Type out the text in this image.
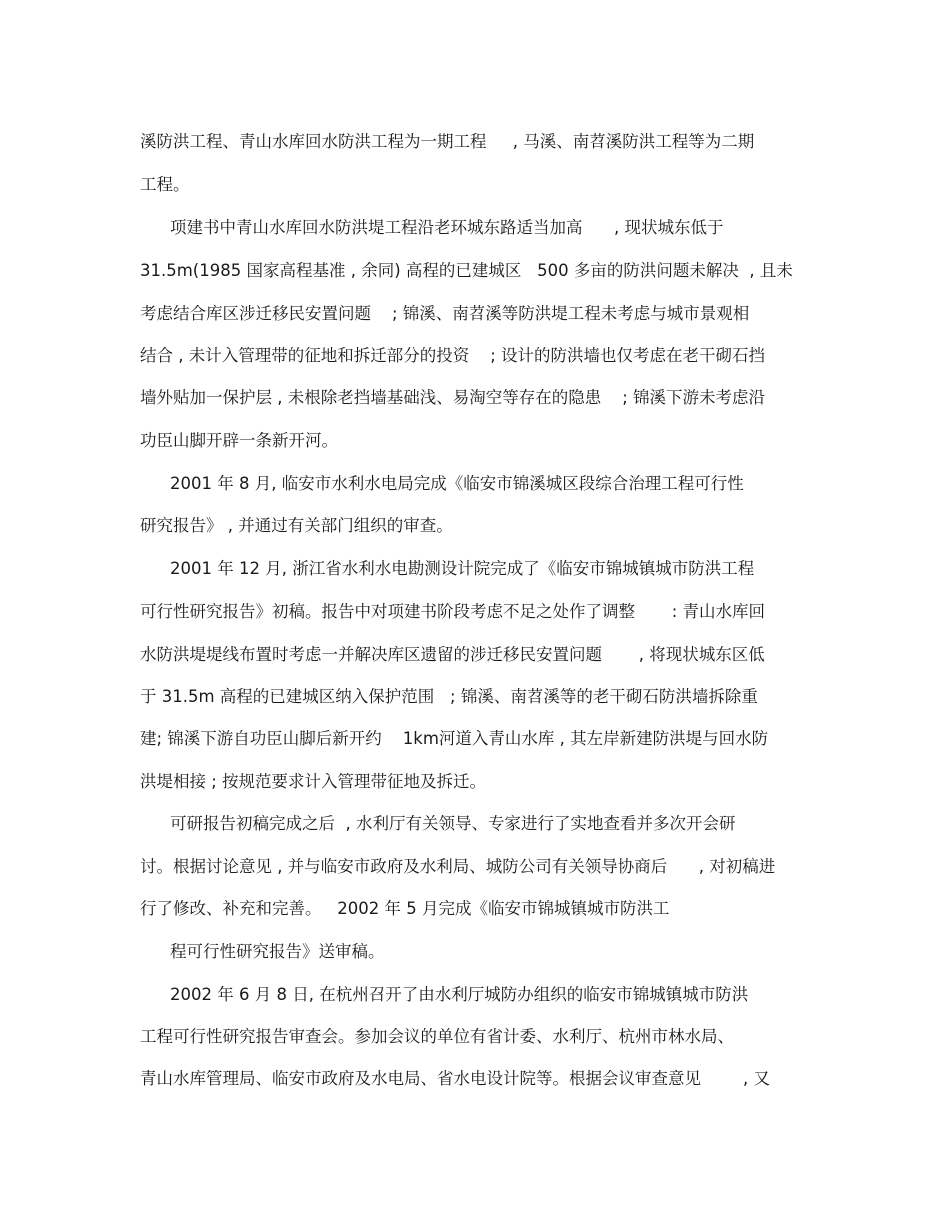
溪防洪工程、青山水库回水防洪工程为一期工程     , 马溪、南苕溪防洪工程等为二期
工程。
项建书中青山水库回水防洪堤工程沿老环城东路适当加高      , 现状城东低于
31.5m(1985 国家高程基准 , 余同) 高程的已建城区   500 多亩的防洪问题未解决  , 且未
考虑结合库区涉迁移民安置问题    ; 锦溪、南苕溪等防洪堤工程未考虑与城市景观相
结合 , 未计入管理带的征地和拆迁部分的投资    ; 设计的防洪墙也仅考虑在老干砌石挡
墙外贴加一保护层 , 未根除老挡墙基础浅、易淘空等存在的隐患    ; 锦溪下游未考虑沿
功臣山脚开辟一条新开河。
2001 年 8 月, 临安市水利水电局完成《临安市锦溪城区段综合治理工程可行性
研究报告》 , 并通过有关部门组织的审查。
2001 年 12 月, 浙江省水利水电勘测设计院完成了《临安市锦城镇城市防洪工程
可行性研究报告》初稿。报告中对项建书阶段考虑不足之处作了调整       : 青山水库回
水防洪堤堤线布置时考虑一并解决库区遗留的涉迁移民安置问题       , 将现状城东区低
于 31.5m 高程的已建城区纳入保护范围   ; 锦溪、南苕溪等的老干砌石防洪墙拆除重
建; 锦溪下游自功臣山脚后新开约    1km河道入青山水库 , 其左岸新建防洪堤与回水防
洪堤相接 ; 按规范要求计入管理带征地及拆迁。
可研报告初稿完成之后  , 水利厅有关领导、专家进行了实地查看并多次开会研
讨。根据讨论意见 , 并与临安市政府及水利局、城防公司有关领导协商后      , 对初稿进
行了修改、补充和完善。   2002 年 5 月完成《临安市锦城镇城市防洪工
程可行性研究报告》送审稿。
2002 年 6 月 8 日, 在杭州召开了由水利厅城防办组织的临安市锦城镇城市防洪
工程可行性研究报告审查会。参加会议的单位有省计委、水利厅、杭州市林水局、
青山水库管理局、临安市政府及水电局、省水电设计院等。根据会议审查意见        , 又
